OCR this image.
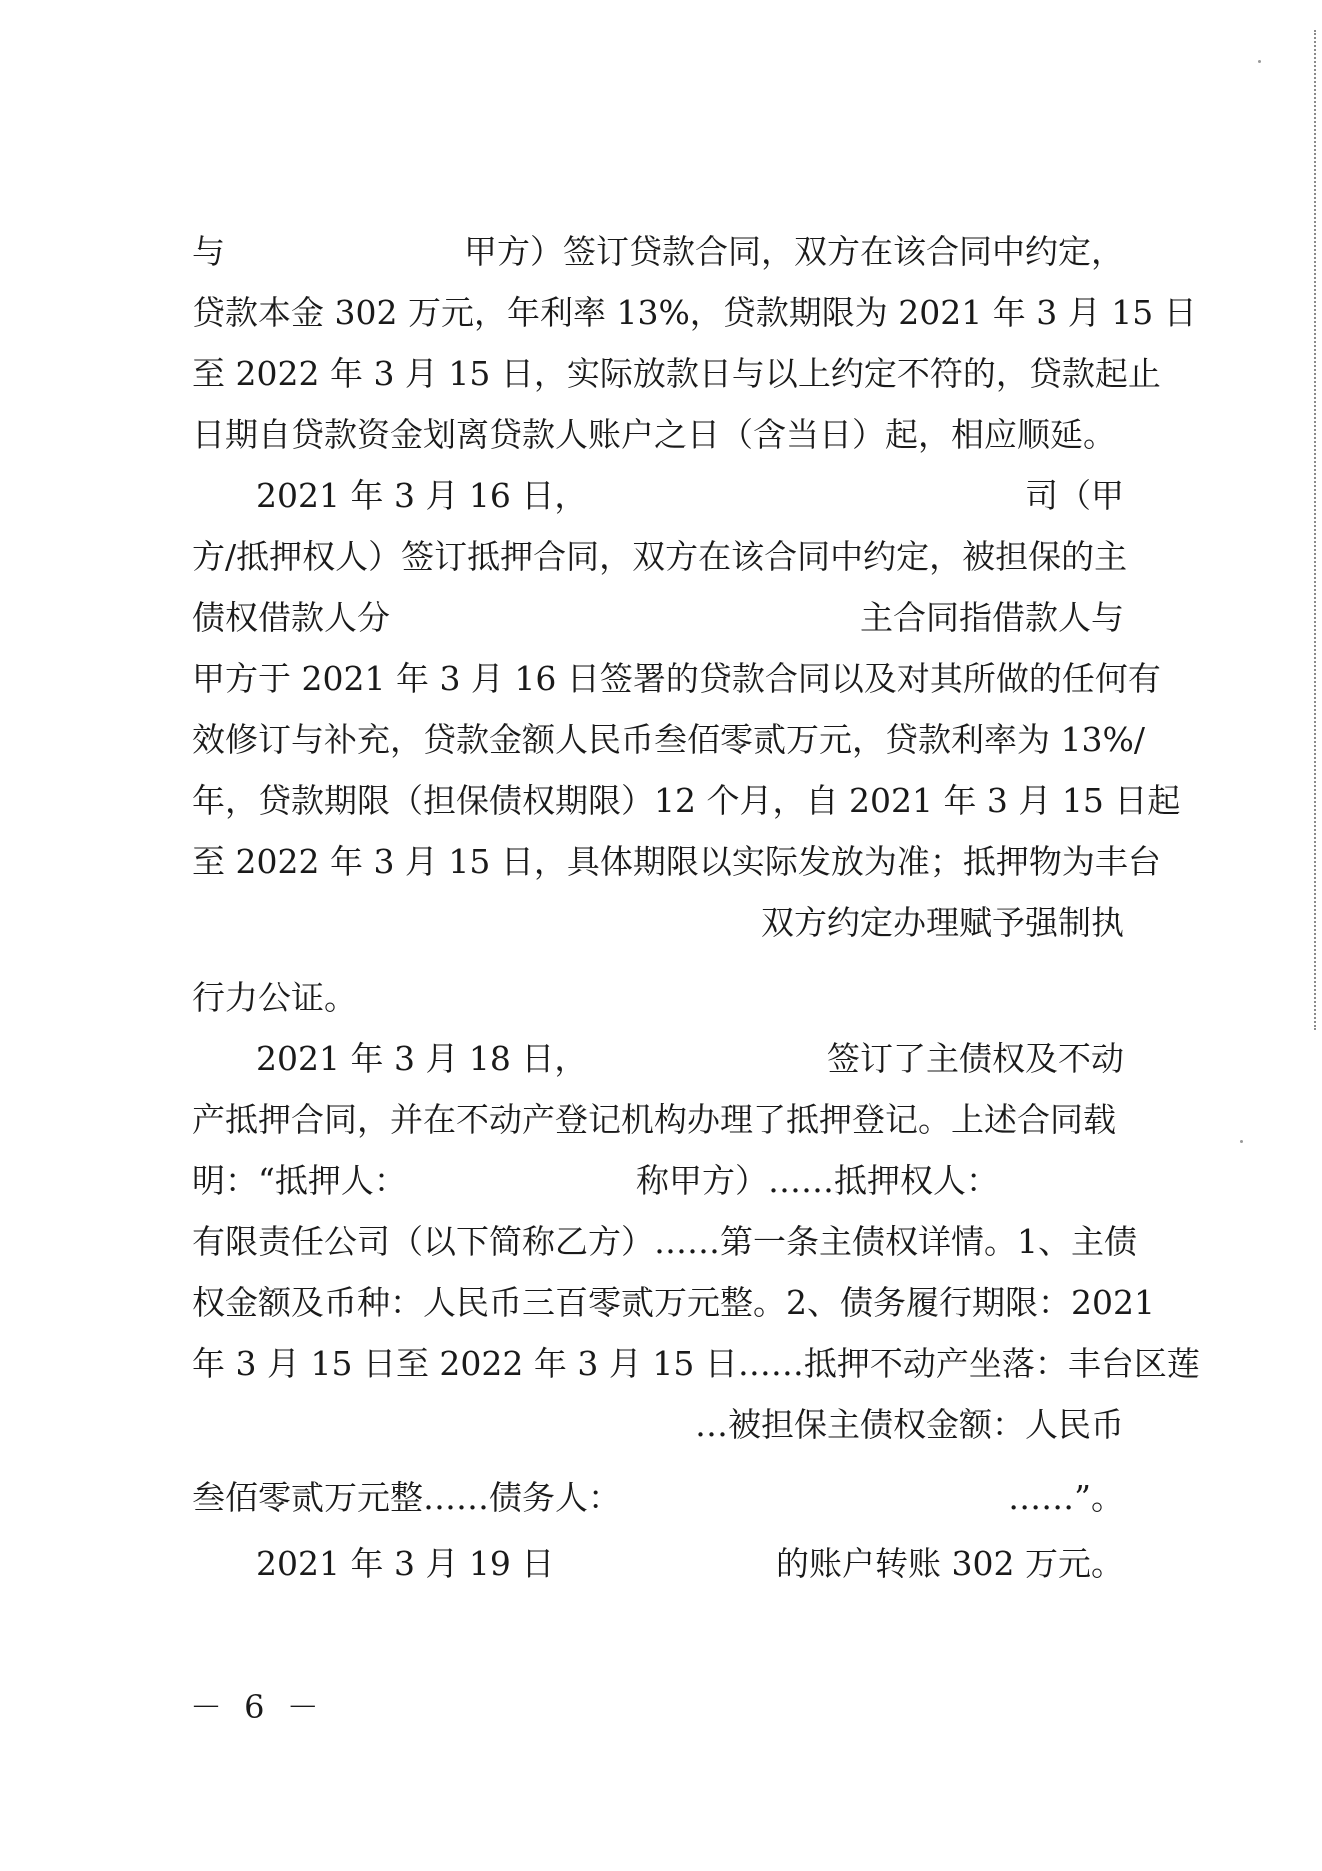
与	甲方）签订贷款合同，双方在该合同中约定，
贷款本金 302 万元，年利率 13%，贷款期限为 2021 年 3 月 15 日
至 2022 年 3 月 15 日，实际放款日与以上约定不符的，贷款起止
日期自贷款资金划离贷款人账户之日（含当日）起，相应顺延。
2021 年 3 月 16 日，	司（甲
方/抵押权人）签订抵押合同，双方在该合同中约定，被担保的主
债权借款人分	主合同指借款人与
甲方于 2021 年 3 月 16 日签署的贷款合同以及对其所做的任何有
效修订与补充，贷款金额人民币叁佰零贰万元，贷款利率为 13%/
年，贷款期限（担保债权期限）12 个月，自 2021 年 3 月 15 日起
至 2022 年 3 月 15 日，具体期限以实际发放为准；抵押物为丰台
双方约定办理赋予强制执
行力公证。
2021 年 3 月 18 日，	签订了主债权及不动
产抵押合同，并在不动产登记机构办理了抵押登记。上述合同载
明：“抵押人：	称甲方）……抵押权人：
有限责任公司（以下简称乙方）……第一条主债权详情。1、主债
权金额及币种：人民币三百零贰万元整。2、债务履行期限：2021
年 3 月 15 日至 2022 年 3 月 15 日……抵押不动产坐落：丰台区莲
…被担保主债权金额：人民币
叁佰零贰万元整……债务人：	……”。
2021 年 3 月 19 日	的账户转账 302 万元。
－ 6 －
